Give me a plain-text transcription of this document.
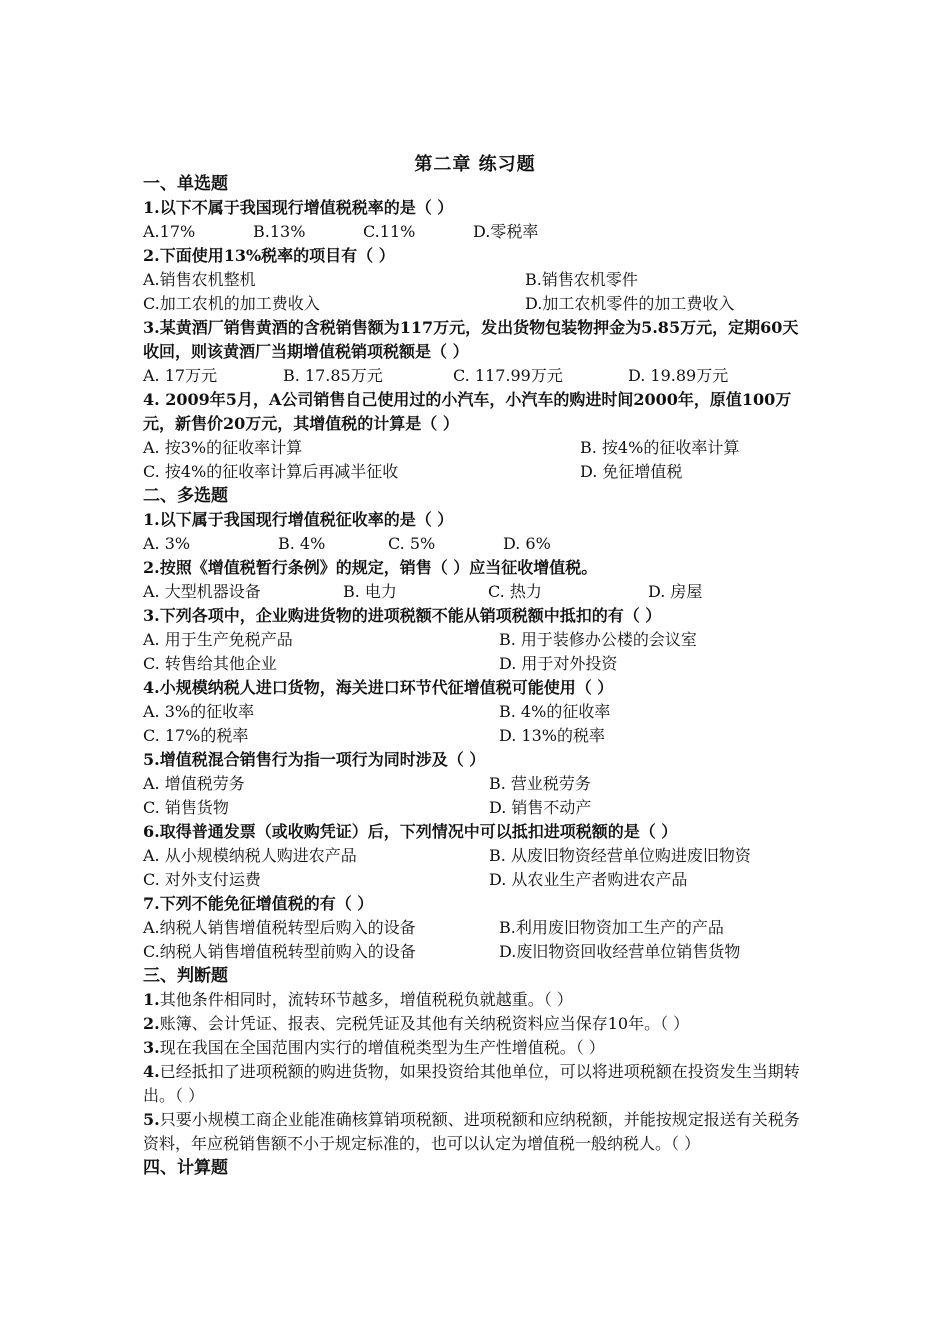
第二章 练习题
一、单选题
1.以下不属于我国现行增值税税率的是（ ）
A.17%	B.13%	C.11%	D.零税率
2.下面使用13%税率的项目有（ ）
A.销售农机整机	B.销售农机零件
C.加工农机的加工费收入	D.加工农机零件的加工费收入
3.某黄酒厂销售黄酒的含税销售额为117万元，发出货物包装物押金为5.85万元，定期60天收回，则该黄酒厂当期增值税销项税额是（ ）
A. 17万元	B. 17.85万元	C. 117.99万元	D. 19.89万元
4. 2009年5月，A公司销售自己使用过的小汽车，小汽车的购进时间2000年，原值100万元，新售价20万元，其增值税的计算是（ ）
A. 按3%的征收率计算	B. 按4%的征收率计算
C. 按4%的征收率计算后再减半征收	D. 免征增值税
二、多选题
1.以下属于我国现行增值税征收率的是（ ）
A. 3%	B. 4%	C. 5%	D. 6%
2.按照《增值税暂行条例》的规定，销售（ ）应当征收增值税。
A. 大型机器设备	B. 电力	C. 热力	D. 房屋
3.下列各项中，企业购进货物的进项税额不能从销项税额中抵扣的有（ ）
A. 用于生产免税产品	B. 用于装修办公楼的会议室
C. 转售给其他企业	D. 用于对外投资
4.小规模纳税人进口货物，海关进口环节代征增值税可能使用（ ）
A. 3%的征收率	B. 4%的征收率
C. 17%的税率	D. 13%的税率
5.增值税混合销售行为指一项行为同时涉及（ ）
A. 增值税劳务	B. 营业税劳务
C. 销售货物	D. 销售不动产
6.取得普通发票（或收购凭证）后，下列情况中可以抵扣进项税额的是（ ）
A. 从小规模纳税人购进农产品	B. 从废旧物资经营单位购进废旧物资
C. 对外支付运费	D. 从农业生产者购进农产品
7.下列不能免征增值税的有（ ）
A.纳税人销售增值税转型后购入的设备	B.利用废旧物资加工生产的产品
C.纳税人销售增值税转型前购入的设备	D.废旧物资回收经营单位销售货物
三、判断题
1.其他条件相同时，流转环节越多，增值税税负就越重。（ ）
2.账簿、会计凭证、报表、完税凭证及其他有关纳税资料应当保存10年。（ ）
3.现在我国在全国范围内实行的增值税类型为生产性增值税。（ ）
4.已经抵扣了进项税额的购进货物，如果投资给其他单位，可以将进项税额在投资发生当期转出。（ ）
5.只要小规模工商企业能准确核算销项税额、进项税额和应纳税额，并能按规定报送有关税务资料，年应税销售额不小于规定标准的，也可以认定为增值税一般纳税人。（ ）
四、计算题
